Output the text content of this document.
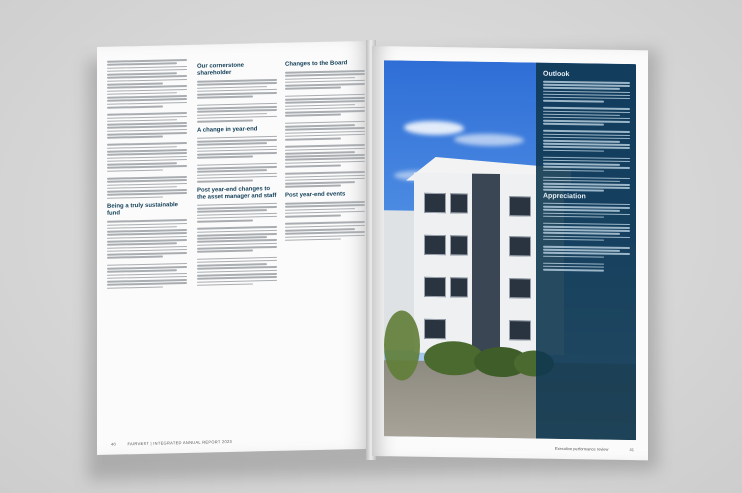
Being a truly sustainable fund
Our cornerstone shareholder
A change in year-end
Post year-end changes to the asset manager and staff
Changes to the Board
Post year-end events
40	FAIRVEST | INTEGRATED ANNUAL REPORT 2023
Outlook
Appreciation
Executive performance review	41
